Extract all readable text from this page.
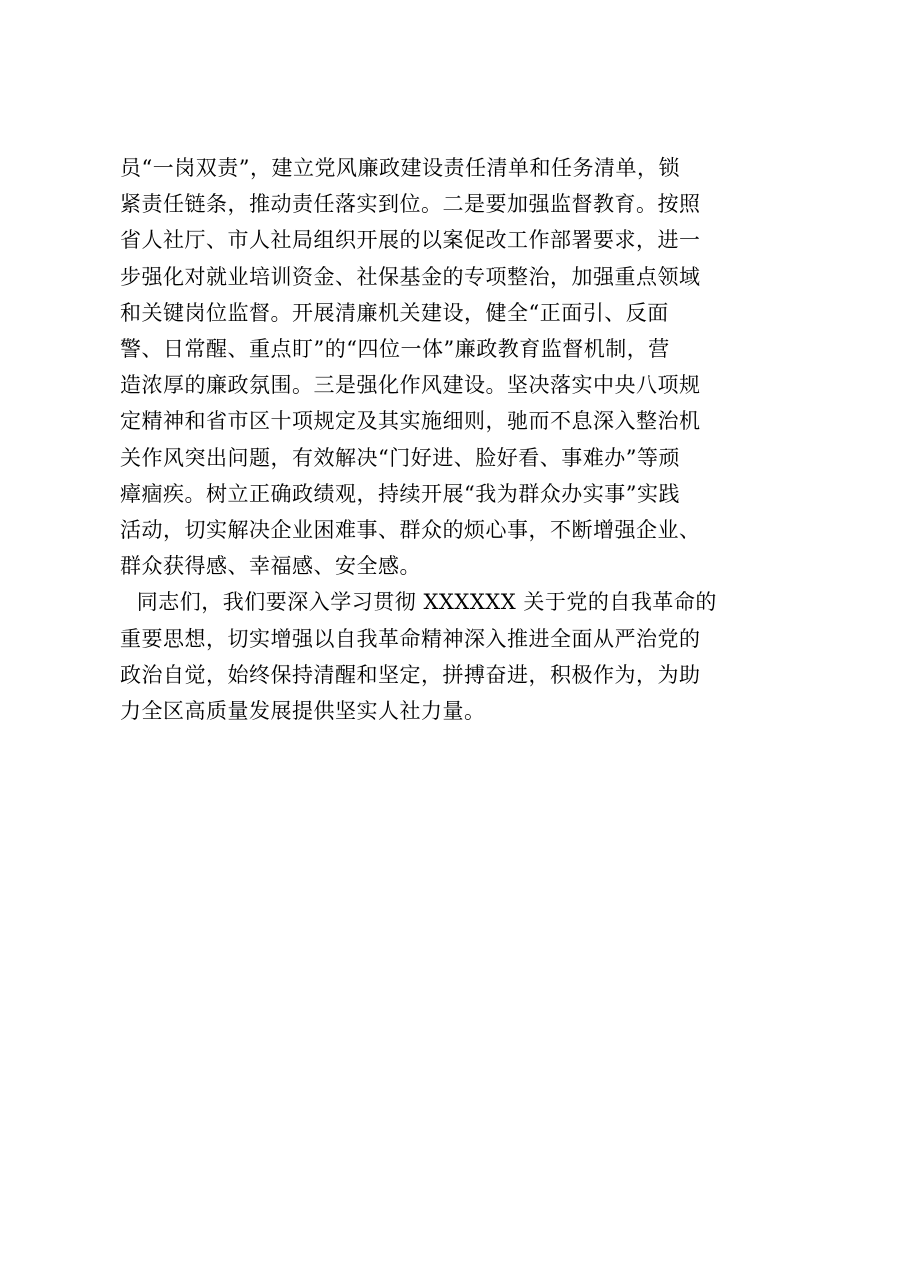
员“一岗双责”，建立党风廉政建设责任清单和任务清单，锁
紧责任链条，推动责任落实到位。二是要加强监督教育。按照
省人社厅、市人社局组织开展的以案促改工作部署要求，进一
步强化对就业培训资金、社保基金的专项整治，加强重点领域
和关键岗位监督。开展清廉机关建设，健全“正面引、反面
警、日常醒、重点盯”的“四位一体”廉政教育监督机制，营
造浓厚的廉政氛围。三是强化作风建设。坚决落实中央八项规
定精神和省市区十项规定及其实施细则，驰而不息深入整治机
关作风突出问题，有效解决“门好进、脸好看、事难办”等顽
瘴痼疾。树立正确政绩观，持续开展“我为群众办实事”实践
活动，切实解决企业困难事、群众的烦心事，不断增强企业、
群众获得感、幸福感、安全感。
同志们，我们要深入学习贯彻 XXXXXX 关于党的自我革命的
重要思想，切实增强以自我革命精神深入推进全面从严治党的
政治自觉，始终保持清醒和坚定，拼搏奋进，积极作为，为助
力全区高质量发展提供坚实人社力量。
